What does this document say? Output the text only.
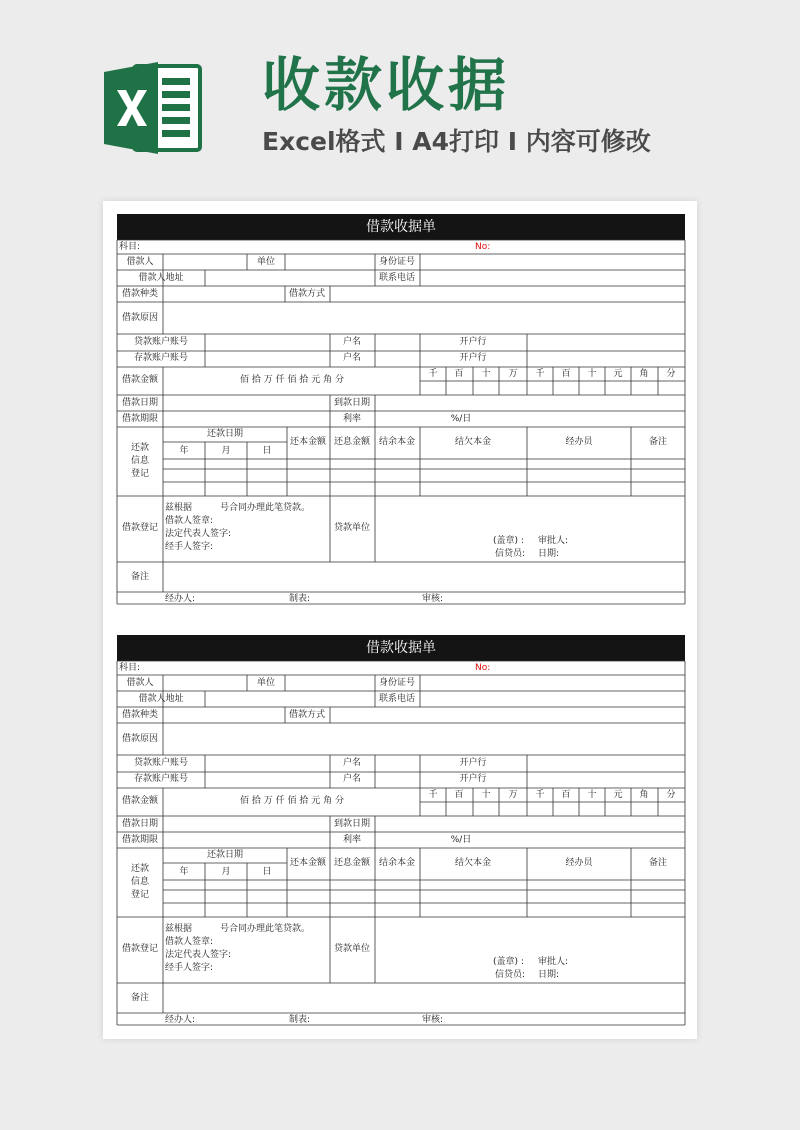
收款收据
Excel格式 Ⅰ A4打印 Ⅰ 内容可修改
借款收据单
科目:	No:
借款人	单位	身份证号
借款人地址	联系电话
借款种类	借款方式
借款原因
贷款账户账号	户名	开户行
存款账户账号	户名	开户行
借款金额	佰 拾 万 仟 佰 拾 元 角 分
千 百 十 万 千 百 十 元 角 分
借款日期	到款日期
借款期限	利率	%/日
还款
信息
登记
还款日期
年	月	日
还本金额 还息金额 结余本金	结欠本金	经办员	备注
借款登记
兹根据	号合同办理此笔贷款。
借款人签章:
法定代表人签字:
经手人签字:
贷款单位
(盖章) : 审批人:
信贷员: 日期:
备注
经办人:	制表:	审核:
借款收据单
科目:	No:
借款人	单位	身份证号
借款人地址	联系电话
借款种类	借款方式
借款原因
贷款账户账号	户名	开户行
存款账户账号	户名	开户行
借款金额	佰 拾 万 仟 佰 拾 元 角 分
千 百 十 万 千 百 十 元 角 分
借款日期	到款日期
借款期限	利率	%/日
还款
信息
登记
还款日期
年	月	日
还本金额 还息金额 结余本金	结欠本金	经办员	备注
借款登记
兹根据	号合同办理此笔贷款。
借款人签章:
法定代表人签字:
经手人签字:
贷款单位
(盖章) : 审批人:
信贷员: 日期:
备注
经办人:	制表:	审核:
